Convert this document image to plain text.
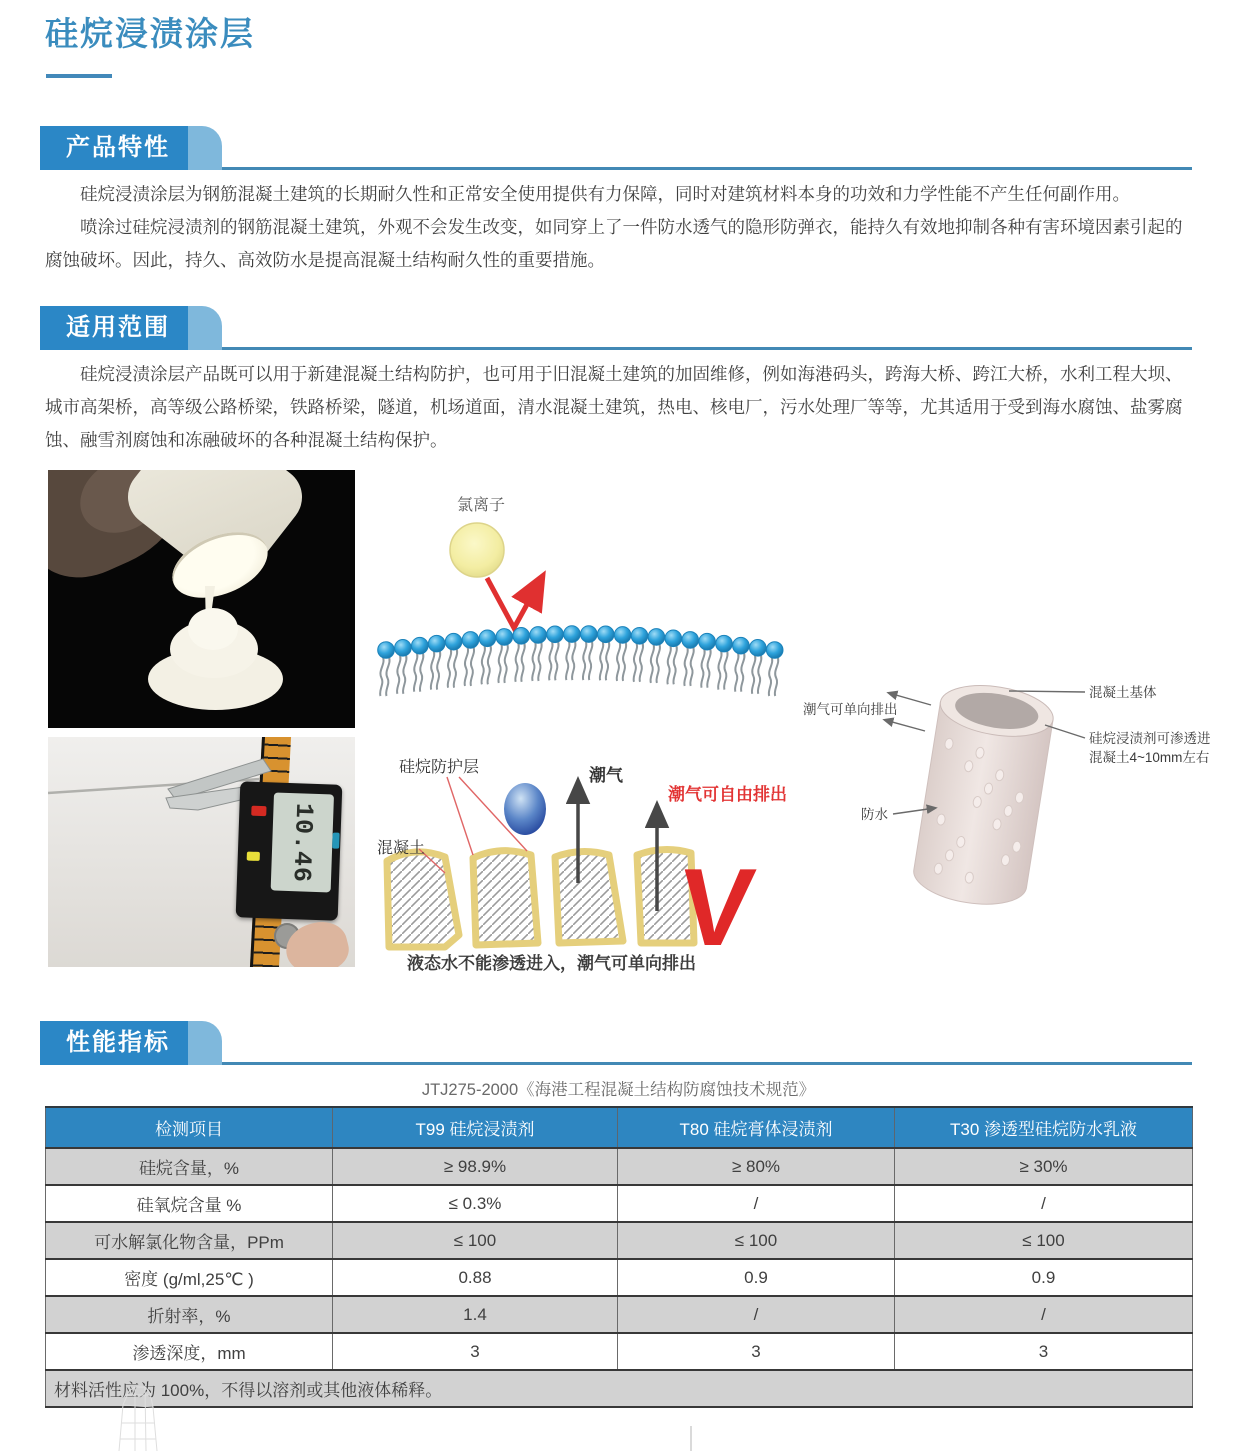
硅烷浸渍涂层
产品特性

硅烷浸渍涂层为钢筋混凝土建筑的长期耐久性和正常安全使用提供有力保障，同时对建筑材料本身的功效和力学性能不产生任何副作用。

喷涂过硅烷浸渍剂的钢筋混凝土建筑，外观不会发生改变，如同穿上了一件防水透气的隐形防弹衣，能持久有效地抑制各种有害环境因素引起的腐蚀破坏。因此，持久、高效防水是提高混凝土结构耐久性的重要措施。

适用范围

硅烷浸渍涂层产品既可以用于新建混凝土结构防护，也可用于旧混凝土建筑的加固维修，例如海港码头，跨海大桥、跨江大桥，水利工程大坝、城市高架桥，高等级公路桥梁，铁路桥梁，隧道，机场道面，清水混凝土建筑，热电、核电厂，污水处理厂等等，尤其适用于受到海水腐蚀、盐雾腐蚀、融雪剂腐蚀和冻融破坏的各种混凝土结构保护。

氯离子
潮气可单向排出
混凝土基体
硅烷浸渍剂可渗透进
混凝土4~10mm左右
防水
10.46
硅烷防护层
混凝土
潮气
潮气可自由排出
V
液态水不能渗透进入，潮气可单向排出
性能指标

JTJ275-2000《海港工程混凝土结构防腐蚀技术规范》

检测项目	T99 硅烷浸渍剂	T80 硅烷膏体浸渍剂	T30 渗透型硅烷防水乳液
硅烷含量，%	≥ 98.9%	≥ 80%	≥ 30%
硅氧烷含量 %	≤ 0.3%	/	/
可水解氯化物含量，PPm	≤ 100	≤ 100	≤ 100
密度 (g/ml,25℃ )	0.88	0.9	0.9
折射率，%	1.4	/	/
渗透深度，mm	3	3	3
材料活性应为 100%，不得以溶剂或其他液体稀释。			
